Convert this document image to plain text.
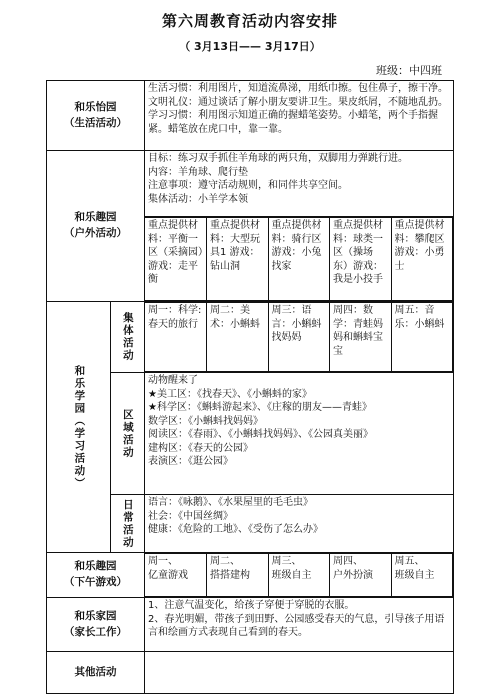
第六周教育活动内容安排
（ 3月13日—— 3月17日）
班级：中四班
和乐怡园
（生活活动）	
生活习惯：利用图片，知道流鼻涕，用纸巾擦。包住鼻子，擦干净。
文明礼仪：通过谈话了解小朋友要讲卫生。果皮纸屑，不随地乱扔。
学习习惯：利用图示知道正确的握蜡笔姿势。小蜡笔，两个手指握紧。蜡笔放在虎口中，靠一靠。

和乐趣园
（户外活动）	
目标：练习双手抓住羊角球的两只角，双脚用力弹跳行进。
内容：羊角球、爬行垫
注意事项：遵守活动规则，和同伴共享空间。
集体活动：小羊学本领

重点提供材料：平衡一区（采摘园）游戏：走平衡	重点提供材料：大型玩具1 游戏：钻山洞	重点提供材料：骑行区 游戏：小兔找家	重点提供材料：球类一区（操场东）游戏：我是小投手	重点提供材料：攀爬区 游戏：小勇士

和乐学园（学习活动）

集体活动

周一：科学:春天的旅行	周二：美术：小蝌蚪	周三：语言：小蝌蚪找妈妈	周四：数学：青蛙妈妈和蝌蚪宝宝	周五：音乐：小蝌蚪

区域活动

动物醒来了
★美工区：《找春天》、《小蝌蚪的家》
★科学区：《蝌蚪游起来》、《庄稼的朋友——青蛙》
数学区：《小蝌蚪找妈妈》
阅读区：《春雨》、《小蝌蚪找妈妈》、《公园真美丽》
建构区：《春天的公园》
表演区：《逛公园》

日常活动	语言：《咏鹅》、《水果屋里的毛毛虫》
社会：《中国丝绸》
健康：《危险的工地》、《受伤了怎么办》

和乐趣园
（下午游戏）	
周一、
亿童游戏	周二、
搭搭建构	周三、
班级自主	周四、
户外扮演	周五、
班级自主

和乐家园
（家长工作）	
1、注意气温变化，给孩子穿便于穿脱的衣服。
2、春光明媚，带孩子到田野、公园感受春天的气息，引导孩子用语言和绘画方式表现自己看到的春天。

其他活动	
